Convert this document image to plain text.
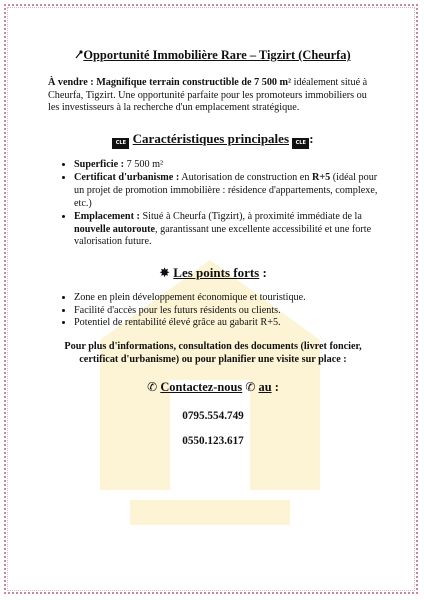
Opportunité Immobilière Rare – Tigzirt (Cheurfa)

À vendre : Magnifique terrain constructible de 7 500 m² idéalement situé à Cheurfa, Tigzirt. Une opportunité parfaite pour les promoteurs immobiliers ou les investisseurs à la recherche d'un emplacement stratégique.

CLE Caractéristiques principales CLE :
• Superficie : 7 500 m²
• Certificat d'urbanisme : Autorisation de construction en R+5 (idéal pour un projet de promotion immobilière : résidence d'appartements, complexe, etc.)
• Emplacement : Situé à Cheurfa (Tigzirt), à proximité immédiate de la nouvelle autoroute, garantissant une excellente accessibilité et une forte valorisation future.
✸ Les points forts :
• Zone en plein développement économique et touristique.
• Facilité d'accès pour les futurs résidents ou clients.
• Potentiel de rentabilité élevé grâce au gabarit R+5.

Pour plus d'informations, consultation des documents (livret foncier, certificat d'urbanisme) ou pour planifier une visite sur place :

✆ Contactez-nous ✆ au :

0795.554.749

0550.123.617
